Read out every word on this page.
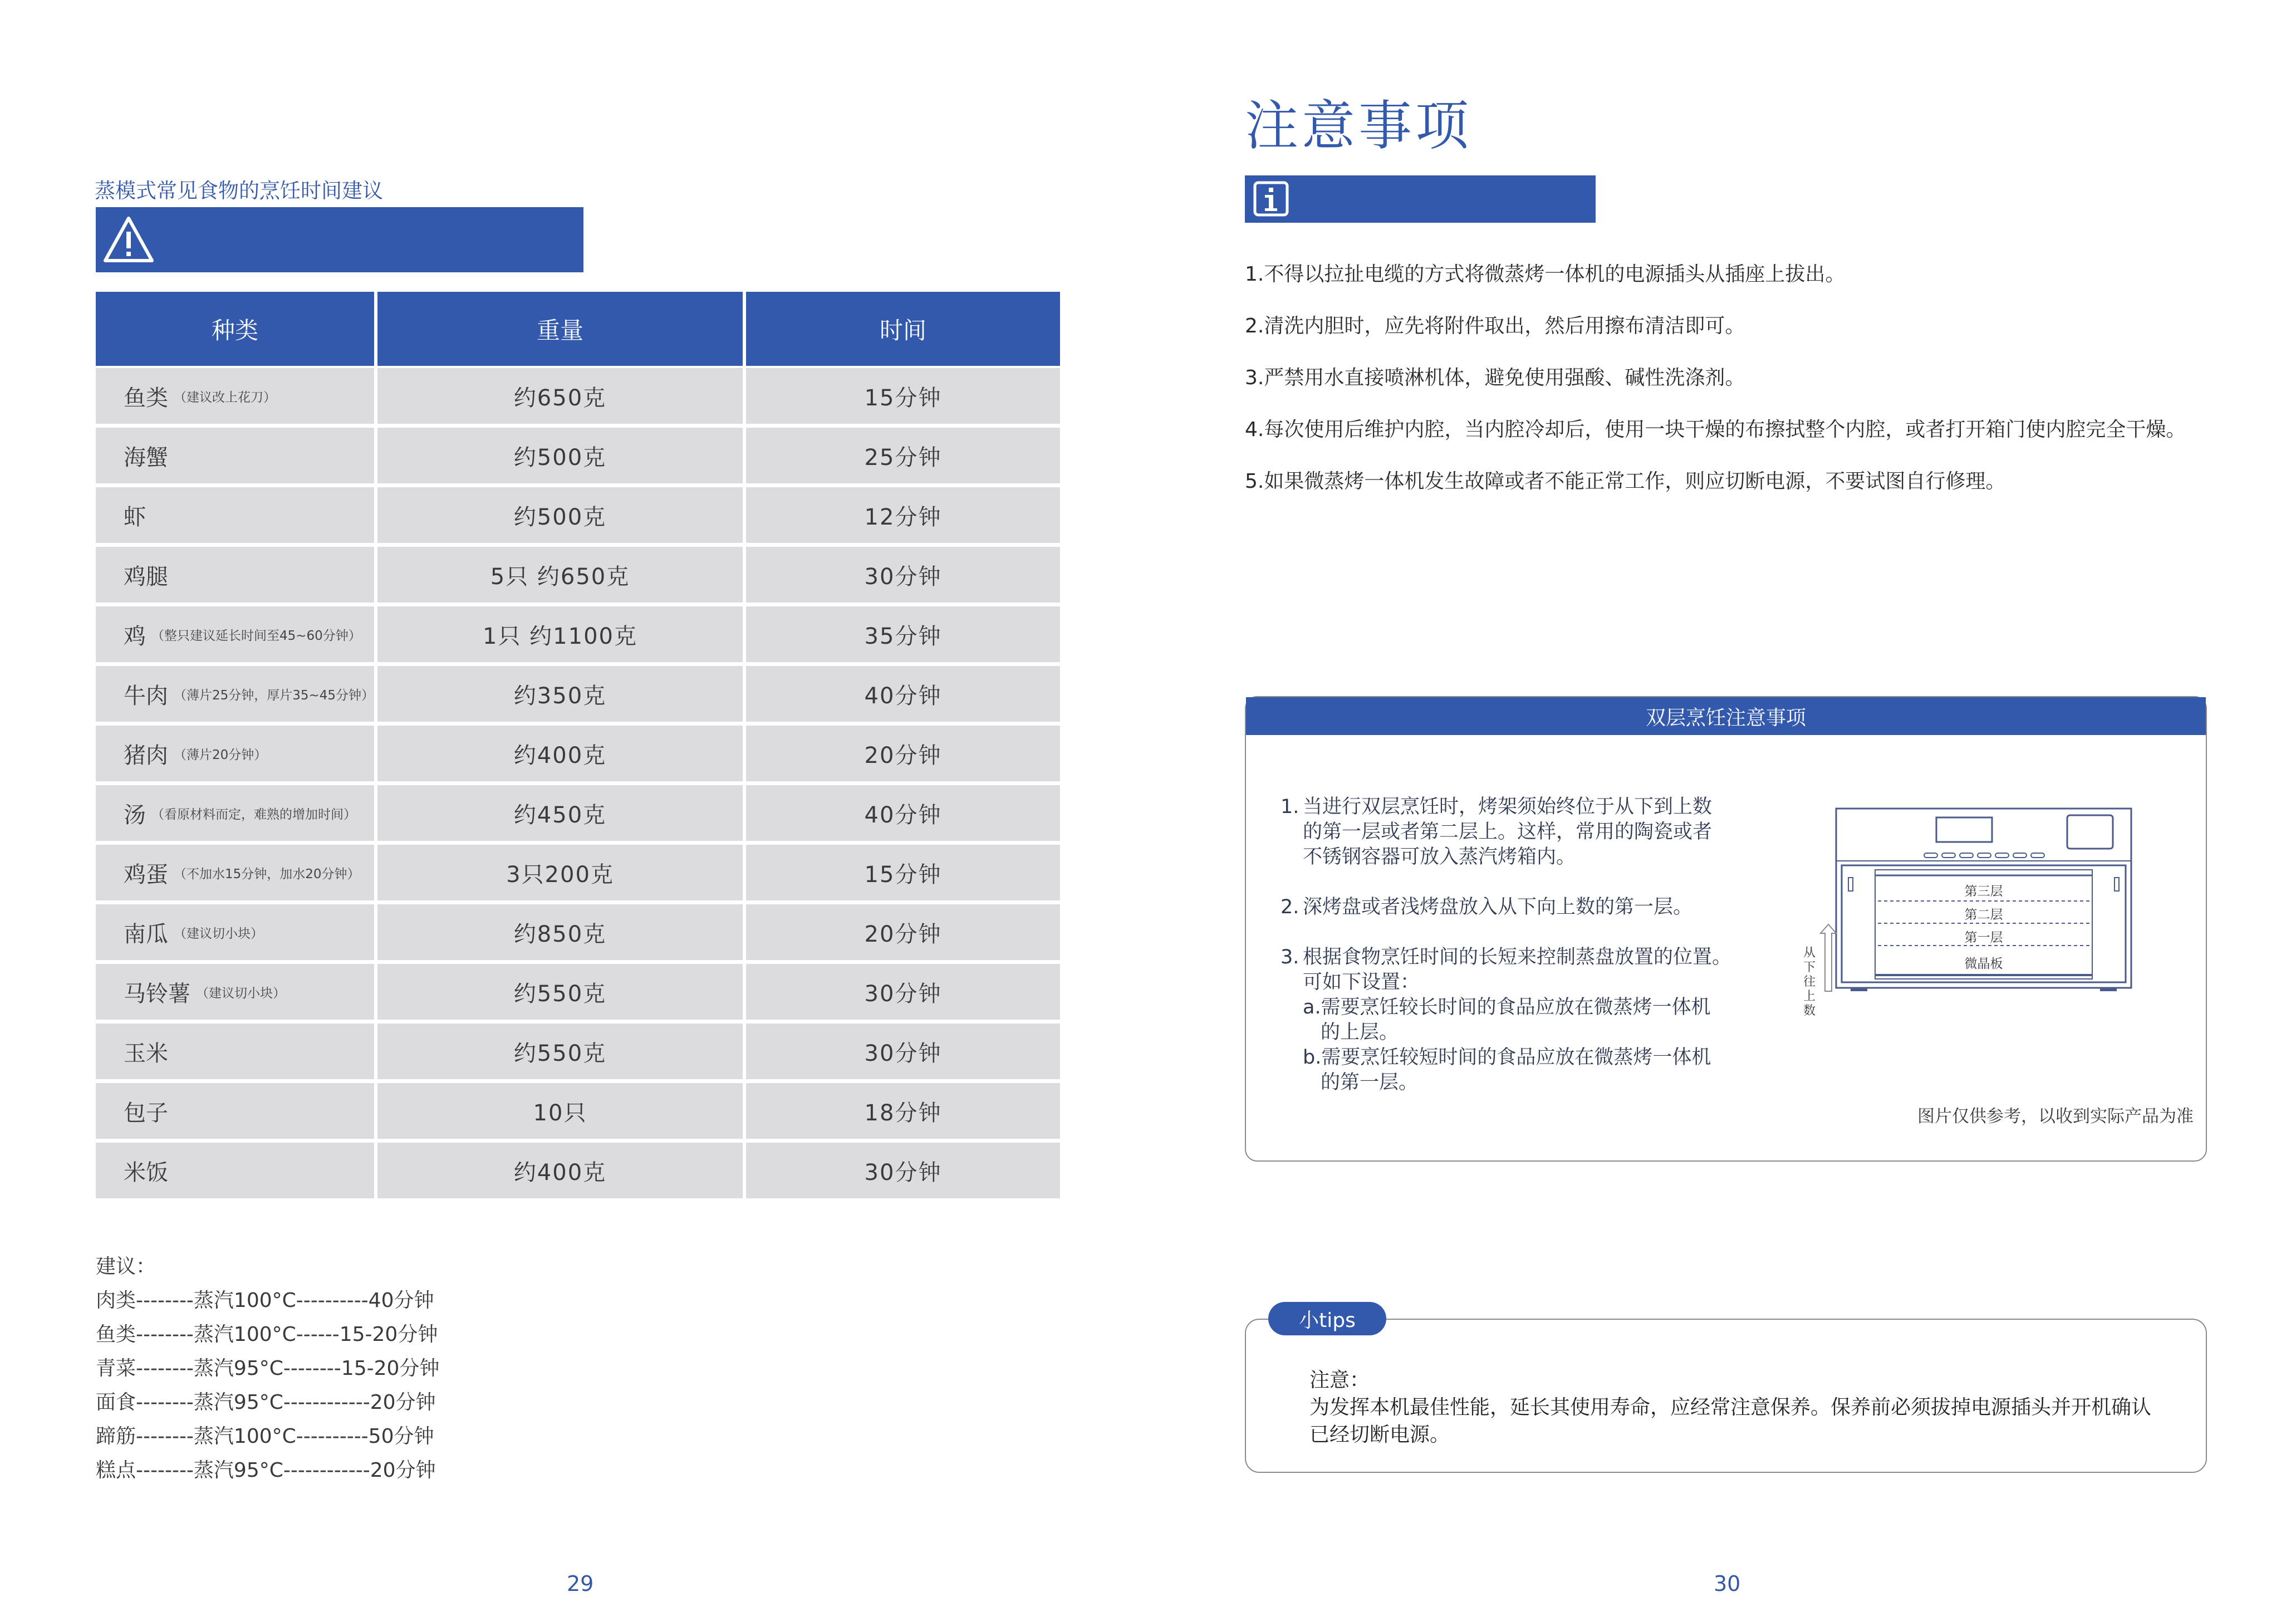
蒸模式常见食物的烹饪时间建议
种类	重量	时间
鱼类 （建议改上花刀）	约650克	15分钟
海蟹	约500克	25分钟
虾	约500克	12分钟
鸡腿	5只 约650克	30分钟
鸡 （整只建议延长时间至45~60分钟）	1只 约1100克	35分钟
牛肉 （薄片25分钟，厚片35~45分钟）	约350克	40分钟
猪肉 （薄片20分钟）	约400克	20分钟
汤 （看原材料而定，难熟的增加时间）	约450克	40分钟
鸡蛋 （不加水15分钟，加水20分钟）	3只200克	15分钟
南瓜 （建议切小块）	约850克	20分钟
马铃薯 （建议切小块）	约550克	30分钟
玉米	约550克	30分钟
包子	10只	18分钟
米饭	约400克	30分钟
建议：
肉类--------蒸汽100°C----------40分钟
鱼类--------蒸汽100°C------15-20分钟
青菜--------蒸汽95°C--------15-20分钟
面食--------蒸汽95°C------------20分钟
蹄筋--------蒸汽100°C----------50分钟
糕点--------蒸汽95°C------------20分钟
29
注意事项
1.不得以拉扯电缆的方式将微蒸烤一体机的电源插头从插座上拔出。
2.清洗内胆时，应先将附件取出，然后用擦布清洁即可。
3.严禁用水直接喷淋机体，避免使用强酸、碱性洗涤剂。
4.每次使用后维护内腔，当内腔冷却后，使用一块干燥的布擦拭整个内腔，或者打开箱门使内腔完全干燥。
5.如果微蒸烤一体机发生故障或者不能正常工作，则应切断电源，不要试图自行修理。
双层烹饪注意事项
1. 当进行双层烹饪时，烤架须始终位于从下到上数
的第一层或者第二层上。这样，常用的陶瓷或者
不锈钢容器可放入蒸汽烤箱内。
2. 深烤盘或者浅烤盘放入从下向上数的第一层。
3. 根据食物烹饪时间的长短来控制蒸盘放置的位置。
可如下设置：
a.需要烹饪较长时间的食品应放在微蒸烤一体机
的上层。
b.需要烹饪较短时间的食品应放在微蒸烤一体机
的第一层。
第三层
第二层
第一层
微晶板
从
下
往
上
数
图片仅供参考，以收到实际产品为准
小tips
注意：
为发挥本机最佳性能，延长其使用寿命，应经常注意保养。保养前必须拔掉电源插头并开机确认
已经切断电源。
30
